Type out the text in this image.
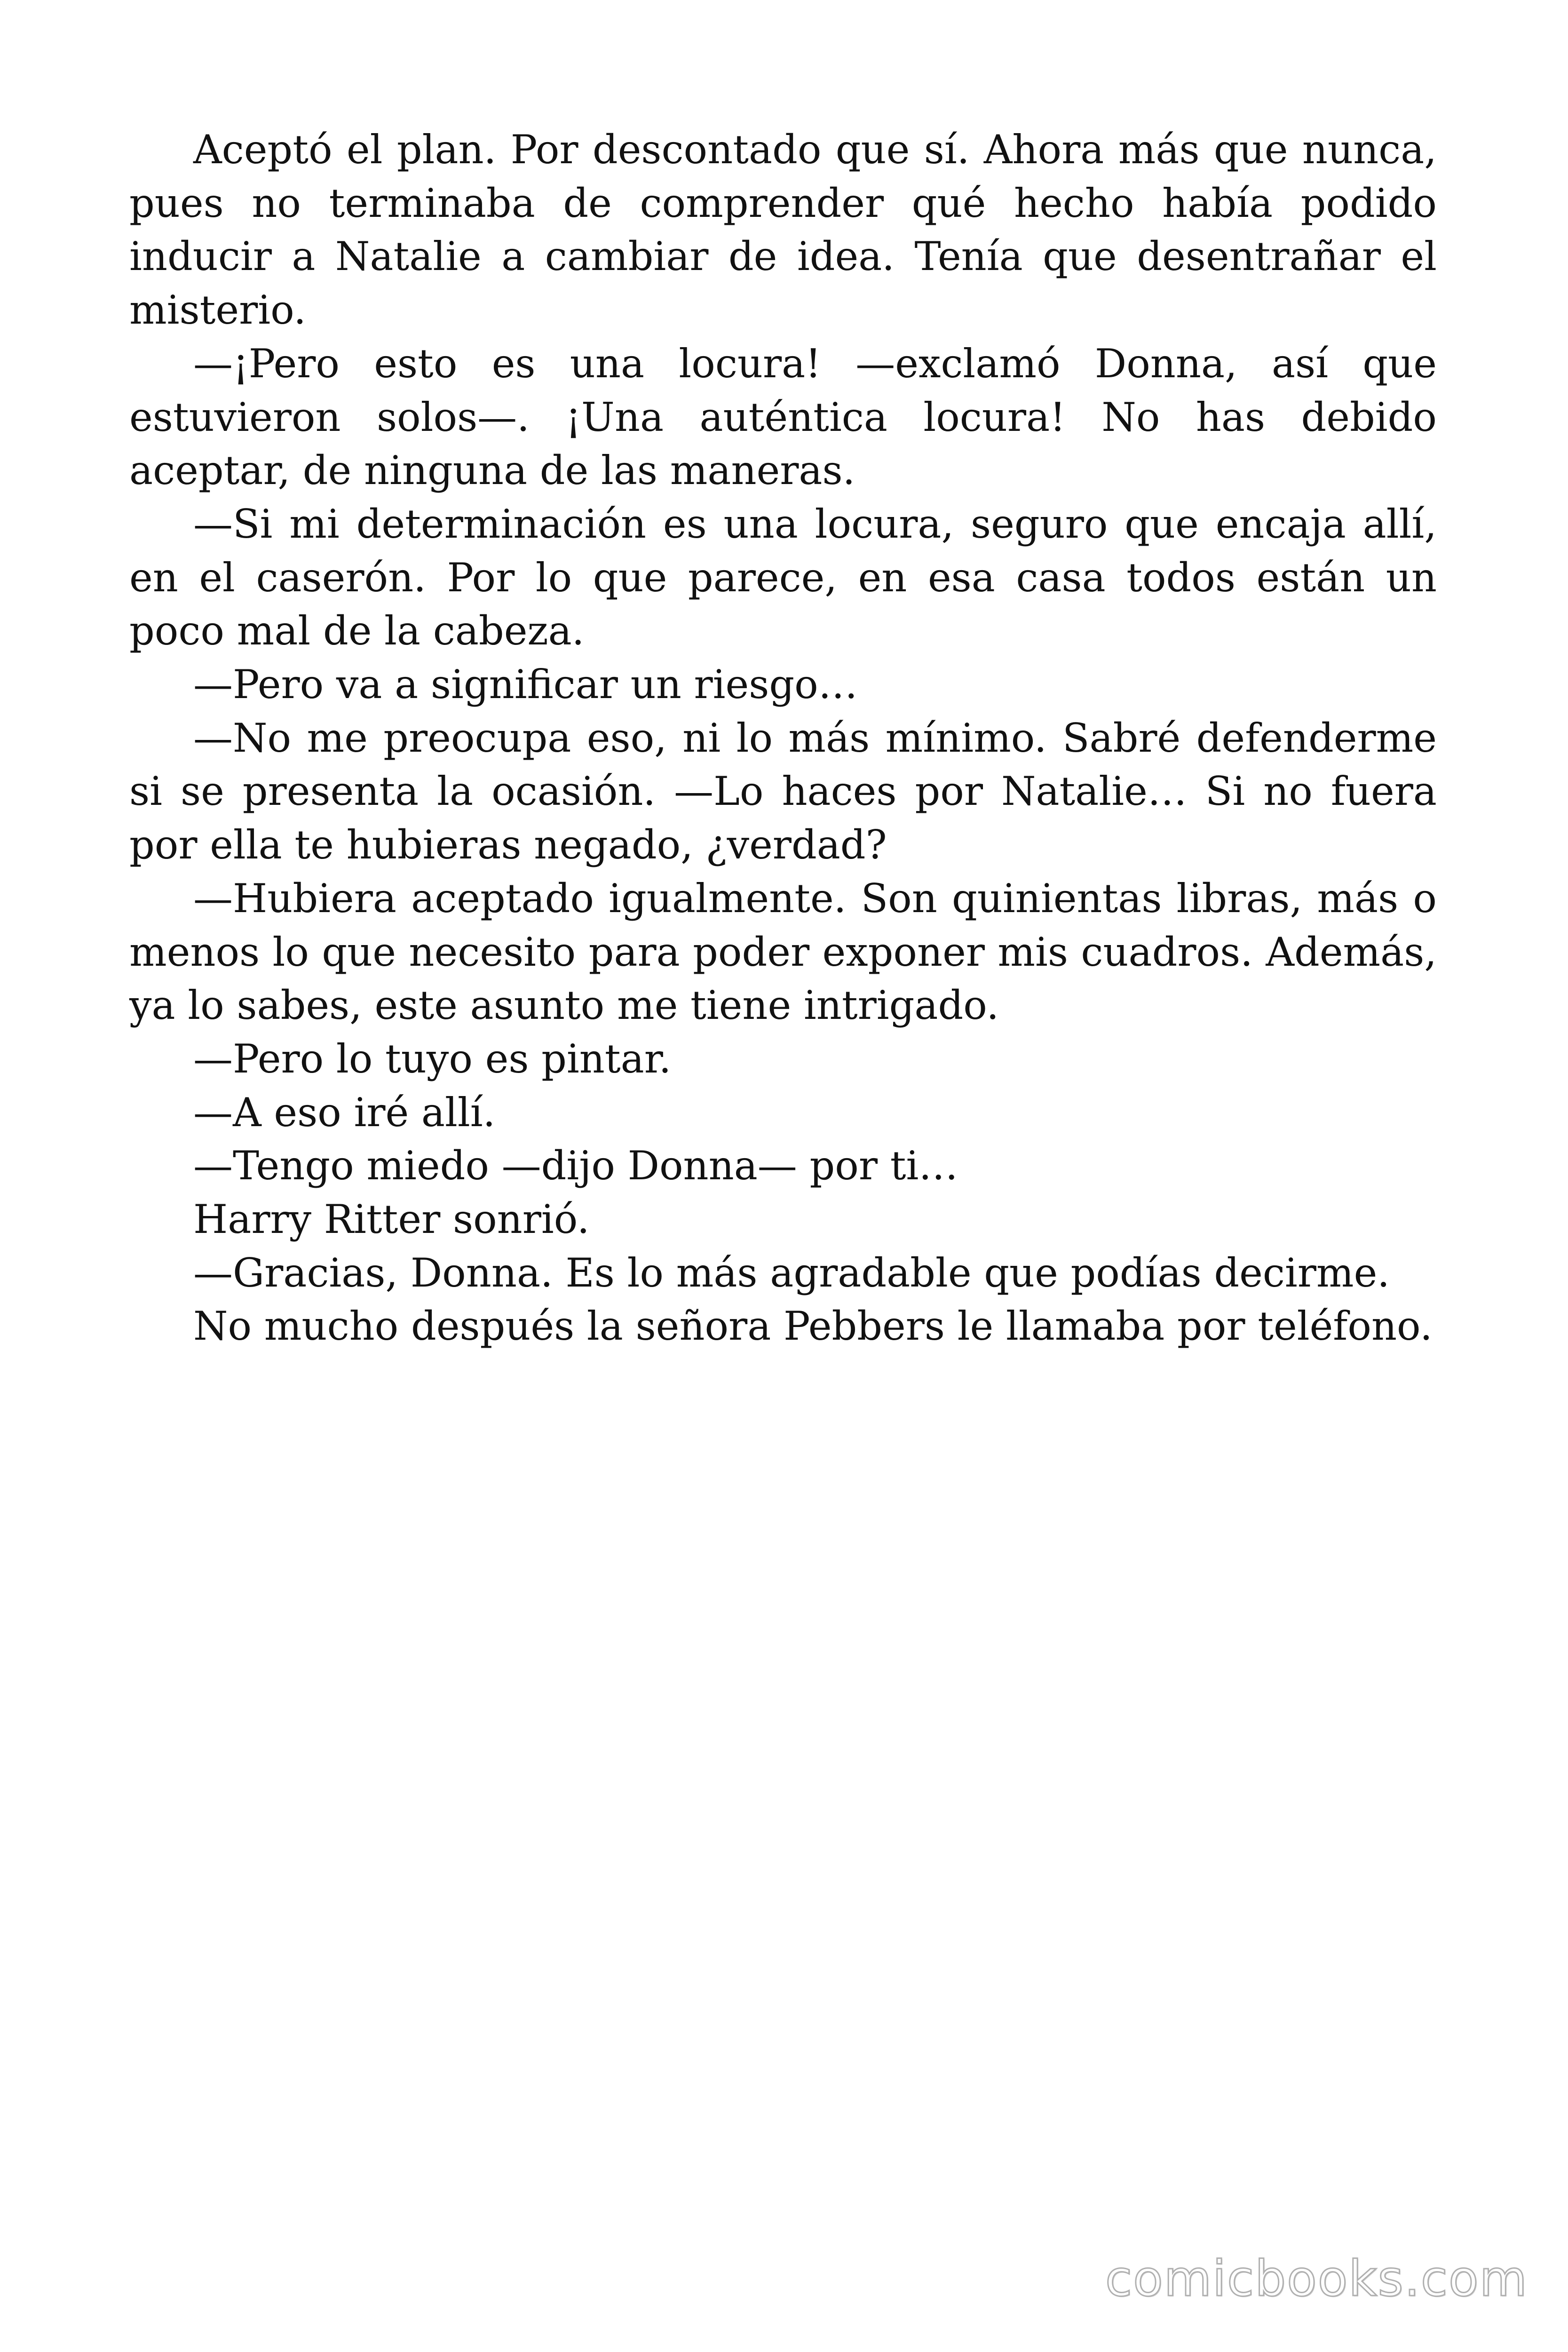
Aceptó el plan. Por descontado que sí. Ahora más que nunca, pues no terminaba de comprender qué hecho había podido inducir a Natalie a cambiar de idea. Tenía que desentrañar el misterio.

—¡Pero esto es una locura! —exclamó Donna, así que estuvieron solos—. ¡Una auténtica locura! No has debido aceptar, de ninguna de las maneras.

—Si mi determinación es una locura, seguro que encaja allí, en el caserón. Por lo que parece, en esa casa todos están un poco mal de la cabeza.

—Pero va a significar un riesgo…

—No me preocupa eso, ni lo más mínimo. Sabré defenderme si se presenta la ocasión. —Lo haces por Natalie… Si no fuera por ella te hubieras negado, ¿verdad?

—Hubiera aceptado igualmente. Son quinientas libras, más o menos lo que necesito para poder exponer mis cuadros. Además, ya lo sabes, este asunto me tiene intrigado.

—Pero lo tuyo es pintar.

—A eso iré allí.

—Tengo miedo —dijo Donna— por ti…

Harry Ritter sonrió.

—Gracias, Donna. Es lo más agradable que podías decirme.

No mucho después la señora Pebbers le llamaba por teléfono.

comicbooks.com
